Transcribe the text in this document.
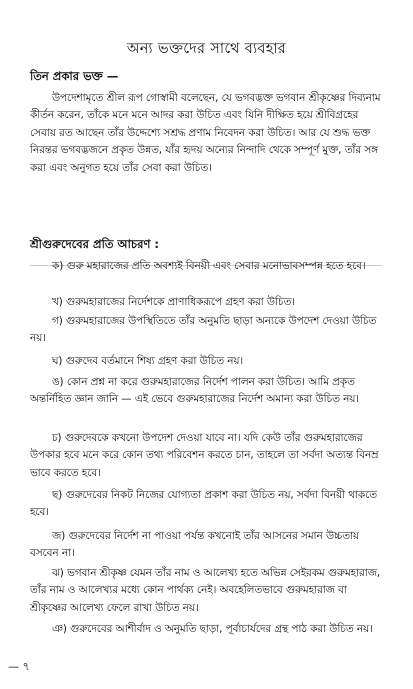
অন্য ভক্তদের সাথে ব্যবহার
তিন প্রকার ভক্ত —
উপদেশামৃতে শ্রীল রূপ গোস্বামী বলেছেন, যে ভগবদ্ভক্ত ভগবান শ্রীকৃষ্ণের দিব্যনাম কীর্তন করেন, তাঁকে মনে মনে আদর করা উচিত এবং যিনি দীক্ষিত হয়ে শ্রীবিগ্রহের সেবায় রত আছেন তাঁর উদ্দেশ্যে সশ্রদ্ধ প্রণাম নিবেদন করা উচিত। আর যে শুদ্ধ ভক্ত নিরন্তর ভগবদ্ভজনে প্রকৃত উন্নত, যাঁর হৃদয় অন্যের নিন্দাদি থেকে সম্পূর্ণ মুক্ত, তাঁর সঙ্গ করা এবং অনুগত হয়ে তাঁর সেবা করা উচিত।
শ্রীগুরুদেবের প্রতি আচরণ :
ক) গুরু মহারাজের প্রতি অবশ্যই বিনয়ী এবং সেবার মনোভাবসম্পন্ন হতে হবে।
খ) গুরুমহারাজের নির্দেশকে প্রাণাধিকরূপে গ্রহণ করা উচিত।
গ) গুরুমহারাজের উপস্থিতিতে তাঁর অনুমতি ছাড়া অন্যকে উপদেশ দেওয়া উচিত নয়।
ঘ) গুরুদেব বর্তমানে শিষ্য গ্রহণ করা উচিত নয়।
ঙ) কোন প্রশ্ন না করে গুরুমহারাজের নির্দেশ পালন করা উচিত। আমি প্রকৃত অন্তর্নিহিত জ্ঞান জানি — এই ভেবে গুরুমহারাজের নির্দেশ অমান্য করা উচিত নয়।
চ) গুরুদেবকে কখনো উপদেশ দেওয়া যাবে না। যদি কেউ তাঁর গুরুমহারাজের উপকার হবে মনে করে কোন তথ্য পরিবেশন করতে চান, তাহলে তা সর্বদা অত্যন্ত বিনম্র ভাবে করতে হবে।
ছ) গুরুদেবের নিকট নিজের যোগ্যতা প্রকাশ করা উচিত নয়, সর্বদা বিনয়ী থাকতে হবে।
জ) গুরুদেবের নির্দেশ না পাওয়া পর্যন্ত কখনোই তাঁর আসনের সমান উচ্চতায় বসবেন না।
ঝ) ভগবান শ্রীকৃষ্ণ যেমন তাঁর নাম ও আলেখ্য হতে অভিন্ন সেইরকম গুরুমহারাজ, তাঁর নাম ও আলেখ্যর মধ্যে কোন পার্থক্য নেই। অবহেলিতভাবে গুরুমহারাজ বা শ্রীকৃষ্ণের আলেখ্য ফেলে রাখা উচিত নয়।
ঞ) গুরুদেবের আশীর্বাদ ও অনুমতি ছাড়া, পূর্বাচার্যদের গ্রন্থ পাঠ করা উচিত নয়।
— ৭
